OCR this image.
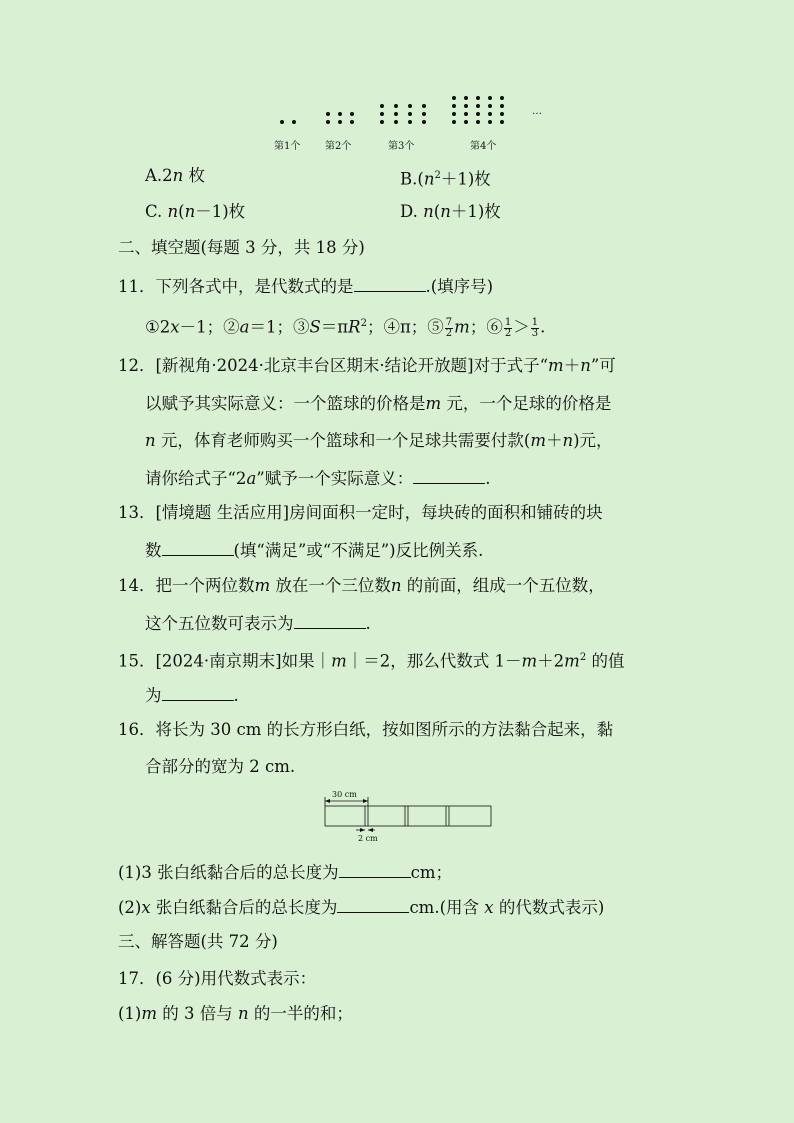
…
第1个 第2个	第3个	第4个
A.2n 枚	$B.(n^2+1)$枚
C. n(n－1)枚	D. n(n＋1)枚
二、填空题(每题 3 分，共 18 分)
11．下列各式中，是代数式的是	.(填序号)
①2x－1；②a＝1；$③S=\pi R^2$；④π；⑤ $\frac{7}{2}$ m；⑥ $\frac{1}{2} > \frac{1}{3}$ .
12．[新视角·2024·北京丰台区期末·结论开放题]对于式子“m＋n”可
以赋予其实际意义：一个篮球的价格是m 元，一个足球的价格是
n 元，体育老师购买一个篮球和一个足球共需要付款(m＋n)元，
请你给式子“2a”赋予一个实际意义：	.
13．[情境题 生活应用]房间面积一定时，每块砖的面积和铺砖的块
数	(填“满足”或“不满足”)反比例关系.
14．把一个两位数m 放在一个三位数n 的前面，组成一个五位数，
这个五位数可表示为	.
15．[2024·南京期末]如果｜m｜＝2，那么代数式 $1-m+2m^2$ 的值
为	.
16．将长为 30 cm 的长方形白纸，按如图所示的方法黏合起来，黏
合部分的宽为 2 cm.
30 cm
2 cm
(1)3 张白纸黏合后的总长度为	cm；
(2)x 张白纸黏合后的总长度为	cm.(用含 x 的代数式表示)
三、解答题(共 72 分)
17．(6 分)用代数式表示：
(1)m 的 3 倍与 n 的一半的和；
